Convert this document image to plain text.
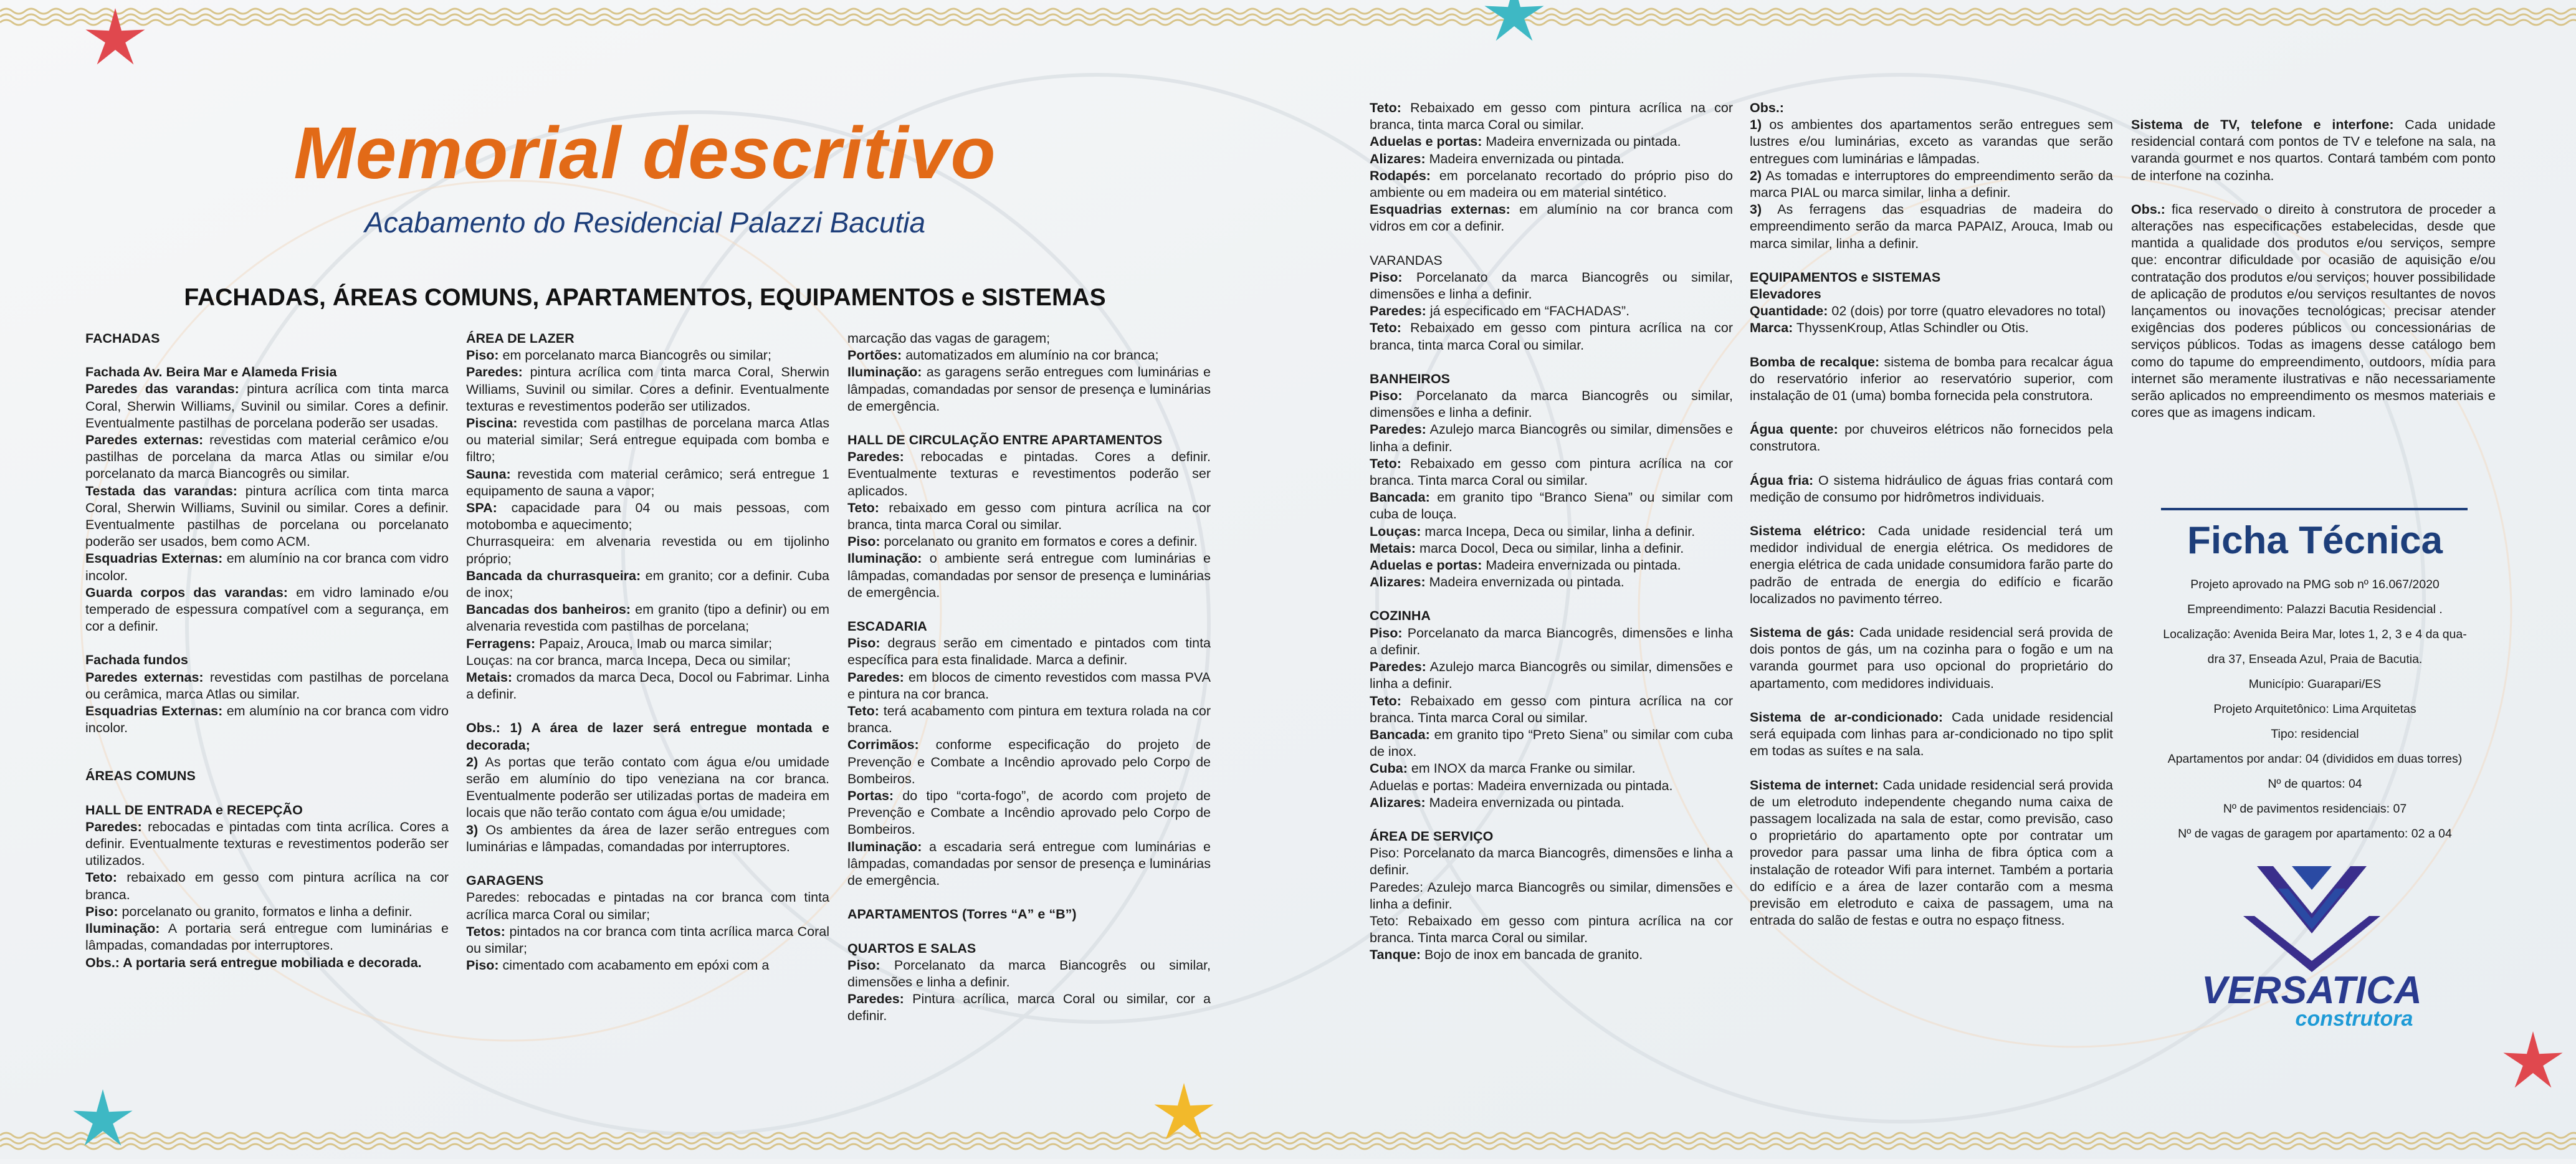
Memorial descritivo
Acabamento do Residencial Palazzi Bacutia
FACHADAS, ÁREAS COMUNS, APARTAMENTOS, EQUIPAMENTOS e SISTEMAS

FACHADAS

Fachada Av. Beira Mar e Alameda Frisia

Paredes das varandas: pintura acrílica com tinta marca Coral, Sherwin Williams, Suvinil ou similar. Cores a definir. Eventualmente pastilhas de porcelana poderão ser usadas.

Paredes externas: revestidas com material cerâmico e/ou pastilhas de porcelana da marca Atlas ou similar e/ou porcelanato da marca Biancogrês ou similar.

Testada das varandas: pintura acrílica com tinta marca Coral, Sherwin Williams, Suvinil ou similar. Cores a definir. Eventualmente pastilhas de porcelana ou porcelanato poderão ser usados, bem como ACM.

Esquadrias Externas: em alumínio na cor branca com vidro incolor.

Guarda corpos das varandas: em vidro laminado e/ou temperado de espessura compatível com a segurança, em cor a definir.

Fachada fundos

Paredes externas: revestidas com pastilhas de porcelana ou cerâmica, marca Atlas ou similar.

Esquadrias Externas: em alumínio na cor branca com vidro incolor.

ÁREAS COMUNS

HALL DE ENTRADA e RECEPÇÃO

Paredes: rebocadas e pintadas com tinta acrílica. Cores a definir. Eventualmente texturas e revestimentos poderão ser utilizados.

Teto: rebaixado em gesso com pintura acrílica na cor branca.

Piso: porcelanato ou granito, formatos e linha a definir.

Iluminação: A portaria será entregue com luminárias e lâmpadas, comandadas por interruptores.

Obs.: A portaria será entregue mobiliada e decorada.

ÁREA DE LAZER

Piso: em porcelanato marca Biancogrês ou similar;

Paredes: pintura acrílica com tinta marca Coral, Sherwin Williams, Suvinil ou similar. Cores a definir. Eventualmente texturas e revestimentos poderão ser utilizados.

Piscina: revestida com pastilhas de porcelana marca Atlas ou material similar; Será entregue equipada com bomba e filtro;

Sauna: revestida com material cerâmico; será entregue 1 equipamento de sauna a vapor;

SPA: capacidade para 04 ou mais pessoas, com motobomba e aquecimento;

Churrasqueira: em alvenaria revestida ou em tijolinho próprio;

Bancada da churrasqueira: em granito; cor a definir. Cuba de inox;

Bancadas dos banheiros: em granito (tipo a definir) ou em alvenaria revestida com pastilhas de porcelana;

Ferragens: Papaiz, Arouca, Imab ou marca similar;

Louças: na cor branca, marca Incepa, Deca ou similar;

Metais: cromados da marca Deca, Docol ou Fabrimar. Linha a definir.

Obs.: 1) A área de lazer será entregue montada e decorada;

2) As portas que terão contato com água e/ou umidade serão em alumínio do tipo veneziana na cor branca. Eventualmente poderão ser utilizadas portas de madeira em locais que não terão contato com água e/ou umidade;

3) Os ambientes da área de lazer serão entregues com luminárias e lâmpadas, comandadas por interruptores.

GARAGENS

Paredes: rebocadas e pintadas na cor branca com tinta acrílica marca Coral ou similar;

Tetos: pintados na cor branca com tinta acrílica marca Coral ou similar;

Piso: cimentado com acabamento em epóxi com a

marcação das vagas de garagem;

Portões: automatizados em alumínio na cor branca;

Iluminação: as garagens serão entregues com luminárias e lâmpadas, comandadas por sensor de presença e luminárias de emergência.

HALL DE CIRCULAÇÃO ENTRE APARTAMENTOS

Paredes: rebocadas e pintadas. Cores a definir. Eventualmente texturas e revestimentos poderão ser aplicados.

Teto: rebaixado em gesso com pintura acrílica na cor branca, tinta marca Coral ou similar.

Piso: porcelanato ou granito em formatos e cores a definir.

Iluminação: o ambiente será entregue com luminárias e lâmpadas, comandadas por sensor de presença e luminárias de emergência.

ESCADARIA

Piso: degraus serão em cimentado e pintados com tinta específica para esta finalidade. Marca a definir.

Paredes: em blocos de cimento revestidos com massa PVA e pintura na cor branca.

Teto: terá acabamento com pintura em textura rolada na cor branca.

Corrimãos: conforme especificação do projeto de Prevenção e Combate a Incêndio aprovado pelo Corpo de Bombeiros.

Portas: do tipo “corta-fogo”, de acordo com projeto de Prevenção e Combate a Incêndio aprovado pelo Corpo de Bombeiros.

Iluminação: a escadaria será entregue com luminárias e lâmpadas, comandadas por sensor de presença e luminárias de emergência.

APARTAMENTOS (Torres “A” e “B”)

QUARTOS E SALAS

Piso: Porcelanato da marca Biancogrês ou similar, dimensões e linha a definir.

Paredes: Pintura acrílica, marca Coral ou similar, cor a definir.

Teto: Rebaixado em gesso com pintura acrílica na cor branca, tinta marca Coral ou similar.

Aduelas e portas: Madeira envernizada ou pintada.

Alizares: Madeira envernizada ou pintada.

Rodapés: em porcelanato recortado do próprio piso do ambiente ou em madeira ou em material sintético.

Esquadrias externas: em alumínio na cor branca com vidros em cor a definir.

VARANDAS

Piso: Porcelanato da marca Biancogrês ou similar, dimensões e linha a definir.

Paredes: já especificado em “FACHADAS”.

Teto: Rebaixado em gesso com pintura acrílica na cor branca, tinta marca Coral ou similar.

BANHEIROS

Piso: Porcelanato da marca Biancogrês ou similar, dimensões e linha a definir.

Paredes: Azulejo marca Biancogrês ou similar, dimensões e linha a definir.

Teto: Rebaixado em gesso com pintura acrílica na cor branca. Tinta marca Coral ou similar.

Bancada: em granito tipo “Branco Siena” ou similar com cuba de louça.

Louças: marca Incepa, Deca ou similar, linha a definir.

Metais: marca Docol, Deca ou similar, linha a definir.

Aduelas e portas: Madeira envernizada ou pintada.

Alizares: Madeira envernizada ou pintada.

COZINHA

Piso: Porcelanato da marca Biancogrês, dimensões e linha a definir.

Paredes: Azulejo marca Biancogrês ou similar, dimensões e linha a definir.

Teto: Rebaixado em gesso com pintura acrílica na cor branca. Tinta marca Coral ou similar.

Bancada: em granito tipo “Preto Siena” ou similar com cuba de inox.

Cuba: em INOX da marca Franke ou similar.

Aduelas e portas: Madeira envernizada ou pintada.

Alizares: Madeira envernizada ou pintada.

ÁREA DE SERVIÇO

Piso: Porcelanato da marca Biancogrês, dimensões e linha a definir.

Paredes: Azulejo marca Biancogrês ou similar, dimensões e linha a definir.

Teto: Rebaixado em gesso com pintura acrílica na cor branca. Tinta marca Coral ou similar.

Tanque: Bojo de inox em bancada de granito.

Obs.:

1) os ambientes dos apartamentos serão entregues sem lustres e/ou luminárias, exceto as varandas que serão entregues com luminárias e lâmpadas.

2) As tomadas e interruptores do empreendimento serão da marca PIAL ou marca similar, linha a definir.

3) As ferragens das esquadrias de madeira do empreendimento serão da marca PAPAIZ, Arouca, Imab ou marca similar, linha a definir.

EQUIPAMENTOS e SISTEMAS

Elevadores

Quantidade: 02 (dois) por torre (quatro elevadores no total)

Marca: ThyssenKroup, Atlas Schindler ou Otis.

Bomba de recalque: sistema de bomba para recalcar água do reservatório inferior ao reservatório superior, com instalação de 01 (uma) bomba fornecida pela construtora.

Água quente: por chuveiros elétricos não fornecidos pela construtora.

Água fria: O sistema hidráulico de águas frias contará com medição de consumo por hidrômetros individuais.

Sistema elétrico: Cada unidade residencial terá um medidor individual de energia elétrica. Os medidores de energia elétrica de cada unidade consumidora farão parte do padrão de entrada de energia do edifício e ficarão localizados no pavimento térreo.

Sistema de gás: Cada unidade residencial será provida de dois pontos de gás, um na cozinha para o fogão e um na varanda gourmet para uso opcional do proprietário do apartamento, com medidores individuais.

Sistema de ar-condicionado: Cada unidade residencial será equipada com linhas para ar-condicionado no tipo split em todas as suítes e na sala.

Sistema de internet: Cada unidade residencial será provida de um eletroduto independente chegando numa caixa de passagem localizada na sala de estar, como previsão, caso o proprietário do apartamento opte por contratar um provedor para passar uma linha de fibra óptica com a instalação de roteador Wifi para internet. Também a portaria do edifício e a área de lazer contarão com a mesma previsão em eletroduto e caixa de passagem, uma na entrada do salão de festas e outra no espaço fitness.

Sistema de TV, telefone e interfone: Cada unidade residencial contará com pontos de TV e telefone na sala, na varanda gourmet e nos quartos. Contará também com ponto de interfone na cozinha.

Obs.: fica reservado o direito à construtora de proceder a alterações nas especificações estabelecidas, desde que mantida a qualidade dos produtos e/ou serviços, sempre que: encontrar dificuldade por ocasião de aquisição e/ou contratação dos produtos e/ou serviços; houver possibilidade de aplicação de produtos e/ou serviços resultantes de novos lançamentos ou inovações tecnológicas; precisar atender exigências dos poderes públicos ou concessionárias de serviços públicos. Todas as imagens desse catálogo bem como do tapume do empreendimento, outdoors, mídia para internet são meramente ilustrativas e não necessariamente serão aplicados no empreendimento os mesmos materiais e cores que as imagens indicam.

Ficha Técnica
Projeto aprovado na PMG sob nº 16.067/2020
Empreendimento: Palazzi Bacutia Residencial .
Localização: Avenida Beira Mar, lotes 1, 2, 3 e 4 da qua-
dra 37, Enseada Azul, Praia de Bacutia.
Município: Guarapari/ES
Projeto Arquitetônico: Lima Arquitetas
Tipo: residencial
Apartamentos por andar: 04 (divididos em duas torres)
Nº de quartos: 04
Nº de pavimentos residenciais: 07
Nº de vagas de garagem por apartamento: 02 a 04
VERSATICA
construtora
